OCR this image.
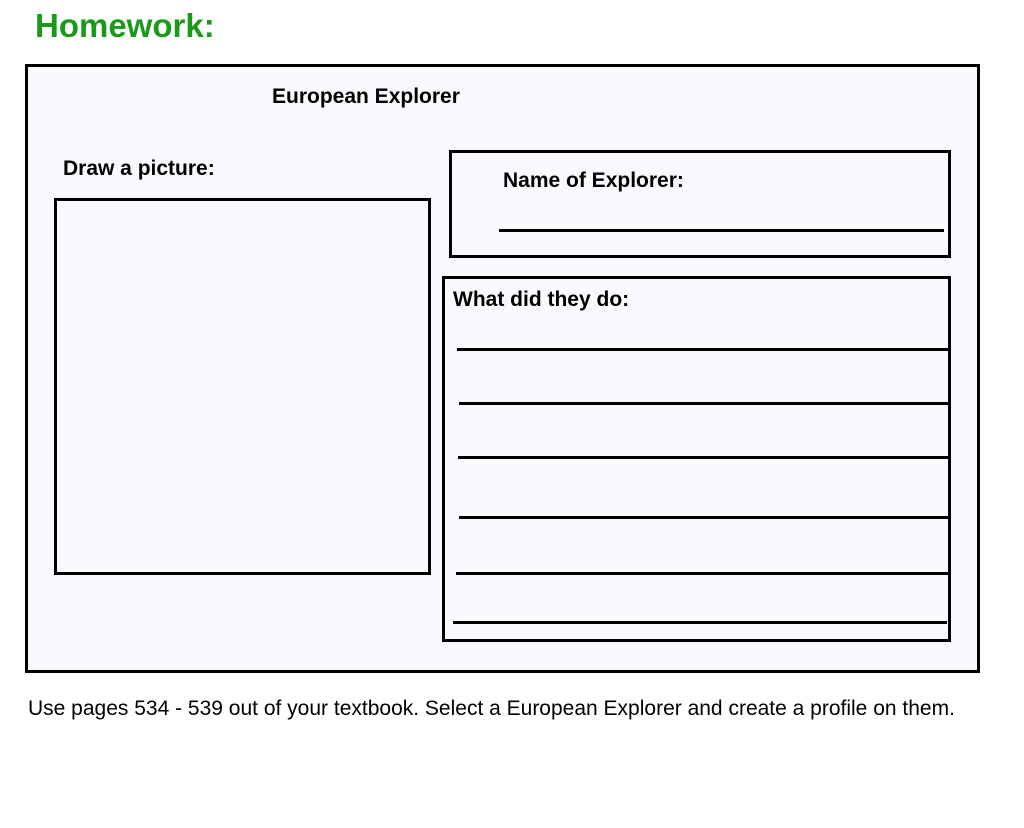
Homework:
European Explorer
Draw a picture:
Name of Explorer:
What did they do:

Use pages 534 - 539 out of your textbook. Select a European Explorer and create a profile on them.
